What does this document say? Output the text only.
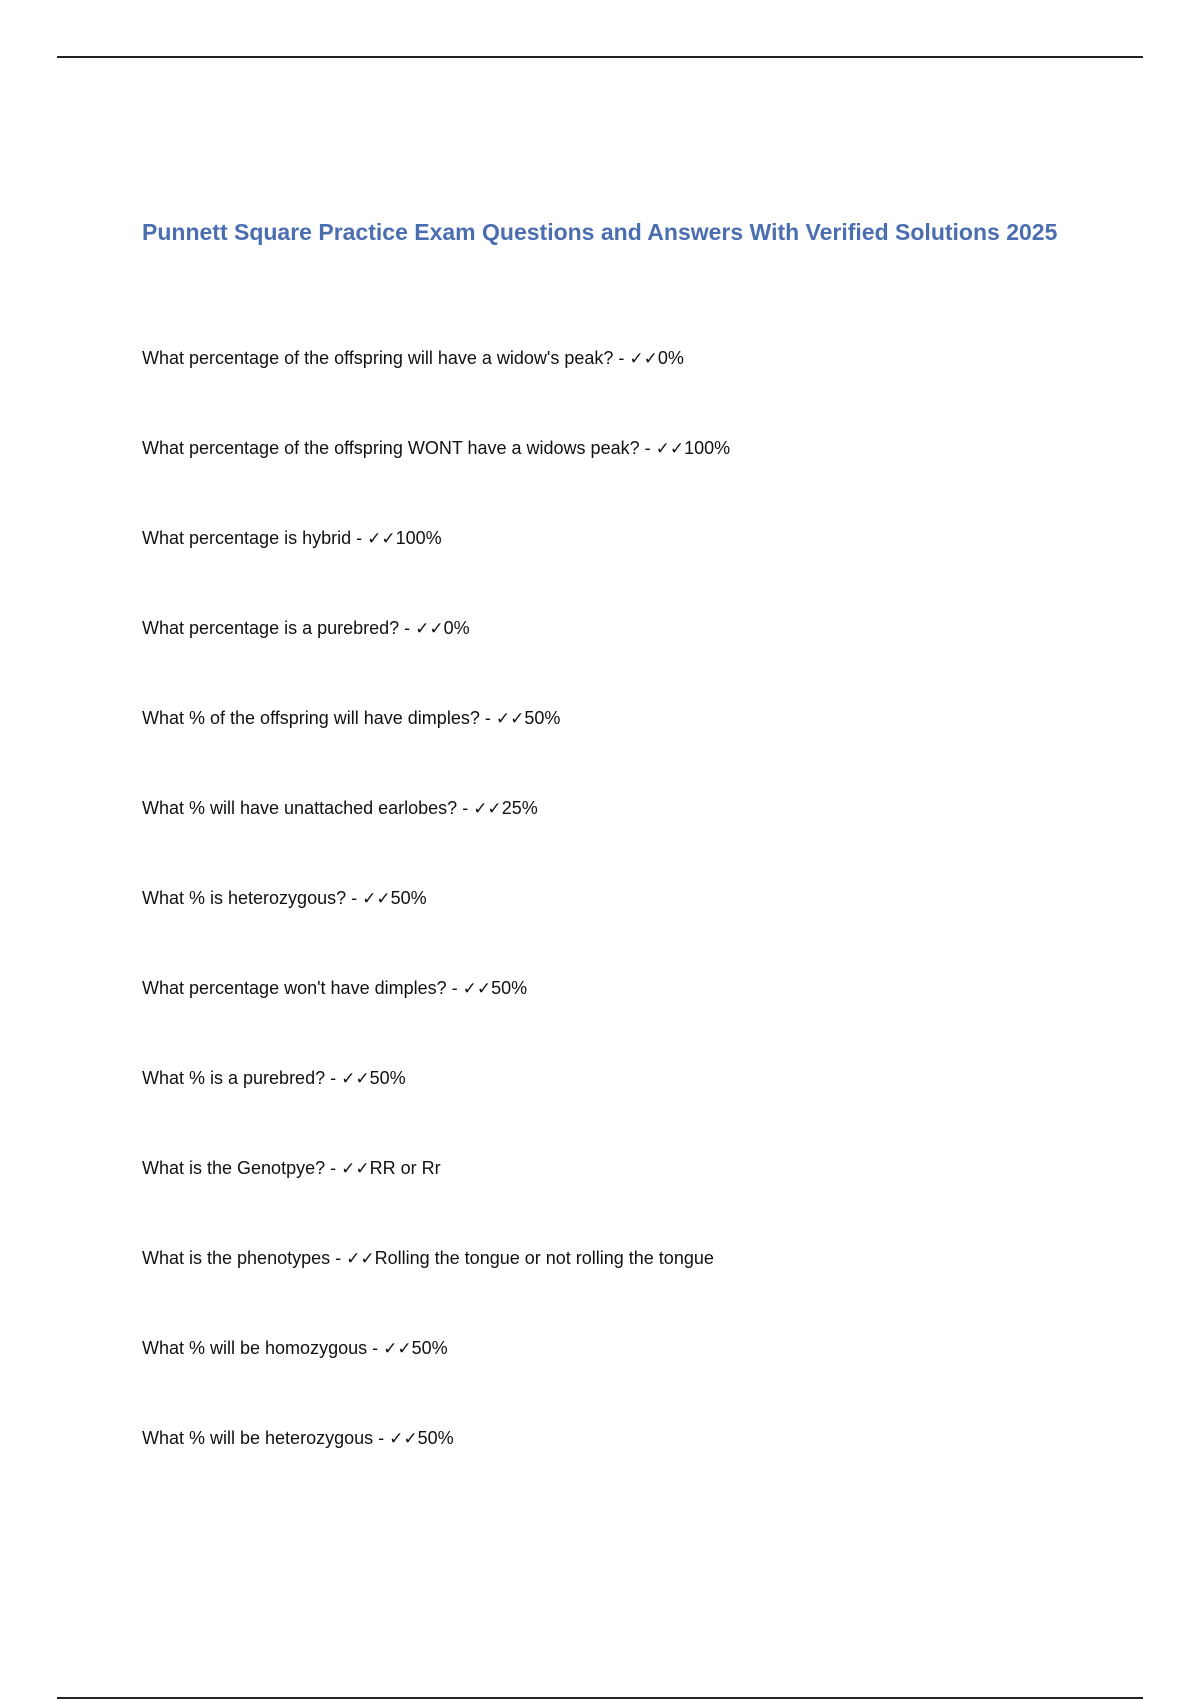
Punnett Square Practice Exam Questions and Answers With Verified Solutions 2025
What percentage of the offspring will have a widow's peak? - ✓✓0%
What percentage of the offspring WONT have a widows peak? - ✓✓100%
What percentage is hybrid - ✓✓100%
What percentage is a purebred? - ✓✓0%
What % of the offspring will have dimples? - ✓✓50%
What % will have unattached earlobes? - ✓✓25%
What % is heterozygous? - ✓✓50%
What percentage won't have dimples? - ✓✓50%
What % is a purebred? - ✓✓50%
What is the Genotpye? - ✓✓RR or Rr
What is the phenotypes - ✓✓Rolling the tongue or not rolling the tongue
What % will be homozygous - ✓✓50%
What % will be heterozygous - ✓✓50%
